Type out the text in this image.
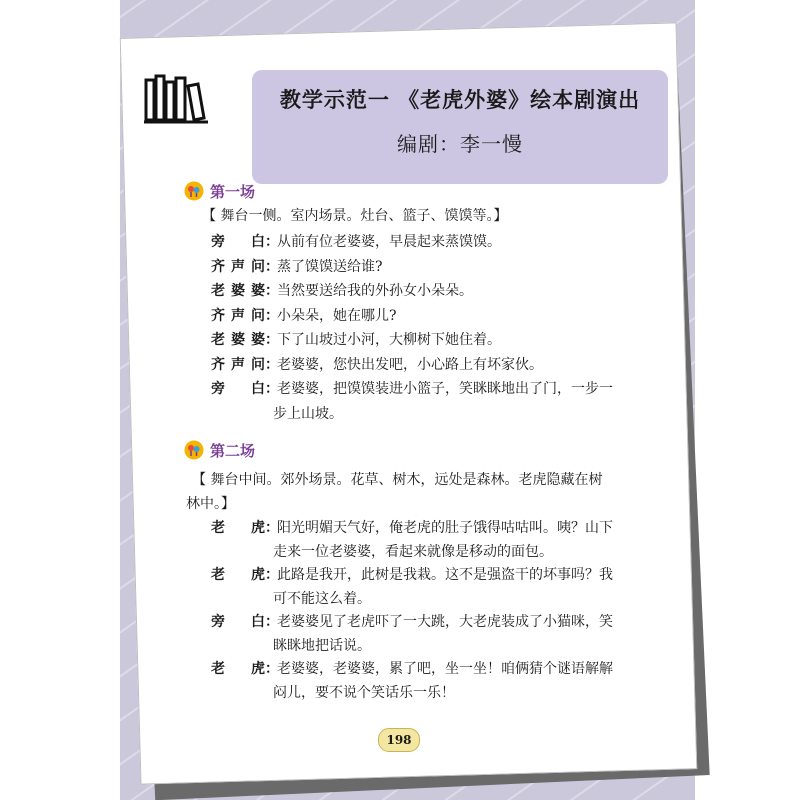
教学示范一 《老虎外婆》绘本剧演出
编剧：李一慢
第一场
【 舞台一侧。室内场景。灶台、篮子、馍馍等。】
旁 白 ：
从前有位老婆婆，早晨起来蒸馍馍。
齐 声 问 ：
蒸了馍馍送给谁?
老 婆 婆 ：
当然要送给我的外孙女小朵朵。
齐 声 问 ：
小朵朵，她在哪儿?
老 婆 婆 ：
下了山坡过小河，大柳树下她住着。
齐 声 问 ：
老婆婆，您快出发吧，小心路上有坏家伙。
旁 白 ：
老婆婆，把馍馍装进小篮子，笑眯眯地出了门，一步一
步上山坡。
第二场
【 舞台中间。郊外场景。花草、树木，远处是森林。老虎隐藏在树
林中。】
老 虎 ：
阳光明媚天气好，俺老虎的肚子饿得咕咕叫。咦？山下
走来一位老婆婆，看起来就像是移动的面包。
老 虎 ：
此路是我开，此树是我栽。这不是强盗干的坏事吗？我
可不能这么着。
旁 白 ：
老婆婆见了老虎吓了一大跳，大老虎装成了小猫咪，笑
眯眯地把话说。
老 虎 ：
老婆婆，老婆婆，累了吧，坐一坐！咱俩猜个谜语解解
闷儿，要不说个笑话乐一乐！
198
